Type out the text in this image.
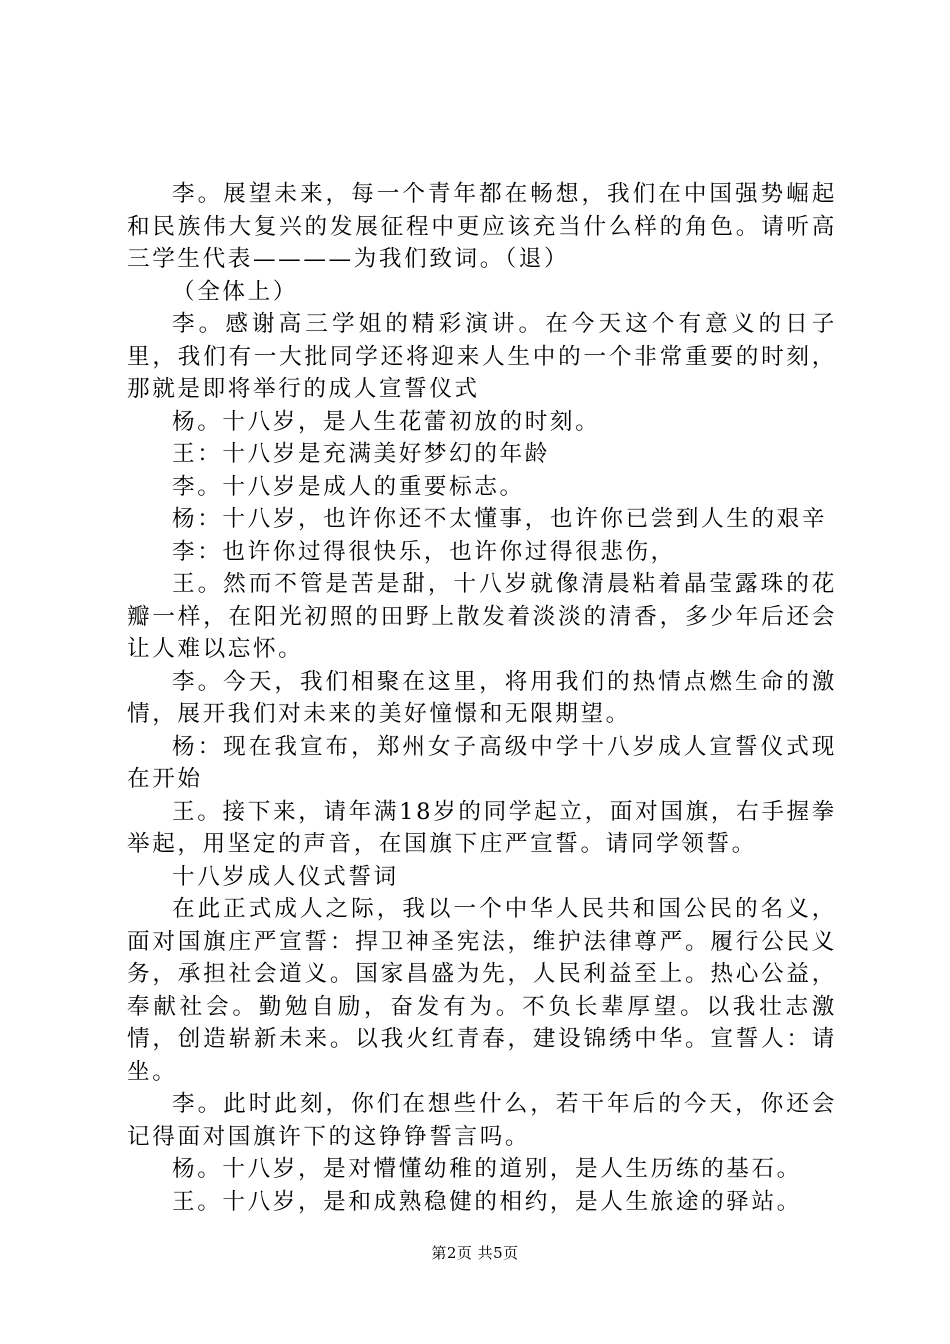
李。展望未来，每一个青年都在畅想，我们在中国强势崛起和民族伟大复兴的发展征程中更应该充当什么样的角色。请听高三学生代表————为我们致词。（退）

（全体上）

李。感谢高三学姐的精彩演讲。在今天这个有意义的日子里，我们有一大批同学还将迎来人生中的一个非常重要的时刻，那就是即将举行的成人宣誓仪式

杨。十八岁，是人生花蕾初放的时刻。

王：十八岁是充满美好梦幻的年龄

李。十八岁是成人的重要标志。

杨：十八岁，也许你还不太懂事，也许你已尝到人生的艰辛

李：也许你过得很快乐，也许你过得很悲伤，

王。然而不管是苦是甜，十八岁就像清晨粘着晶莹露珠的花瓣一样，在阳光初照的田野上散发着淡淡的清香，多少年后还会让人难以忘怀。

李。今天，我们相聚在这里，将用我们的热情点燃生命的激情，展开我们对未来的美好憧憬和无限期望。

杨：现在我宣布，郑州女子高级中学十八岁成人宣誓仪式现在开始

王。接下来，请年满18岁的同学起立，面对国旗，右手握拳举起，用坚定的声音，在国旗下庄严宣誓。请同学领誓。

十八岁成人仪式誓词

在此正式成人之际，我以一个中华人民共和国公民的名义，面对国旗庄严宣誓：捍卫神圣宪法，维护法律尊严。履行公民义务，承担社会道义。国家昌盛为先，人民利益至上。热心公益，奉献社会。勤勉自励，奋发有为。不负长辈厚望。以我壮志激情，创造崭新未来。以我火红青春，建设锦绣中华。宣誓人：请坐。

李。此时此刻，你们在想些什么，若干年后的今天，你还会记得面对国旗许下的这铮铮誓言吗。

杨。十八岁，是对懵懂幼稚的道别，是人生历练的基石。

王。十八岁，是和成熟稳健的相约，是人生旅途的驿站。

第2页 共5页
